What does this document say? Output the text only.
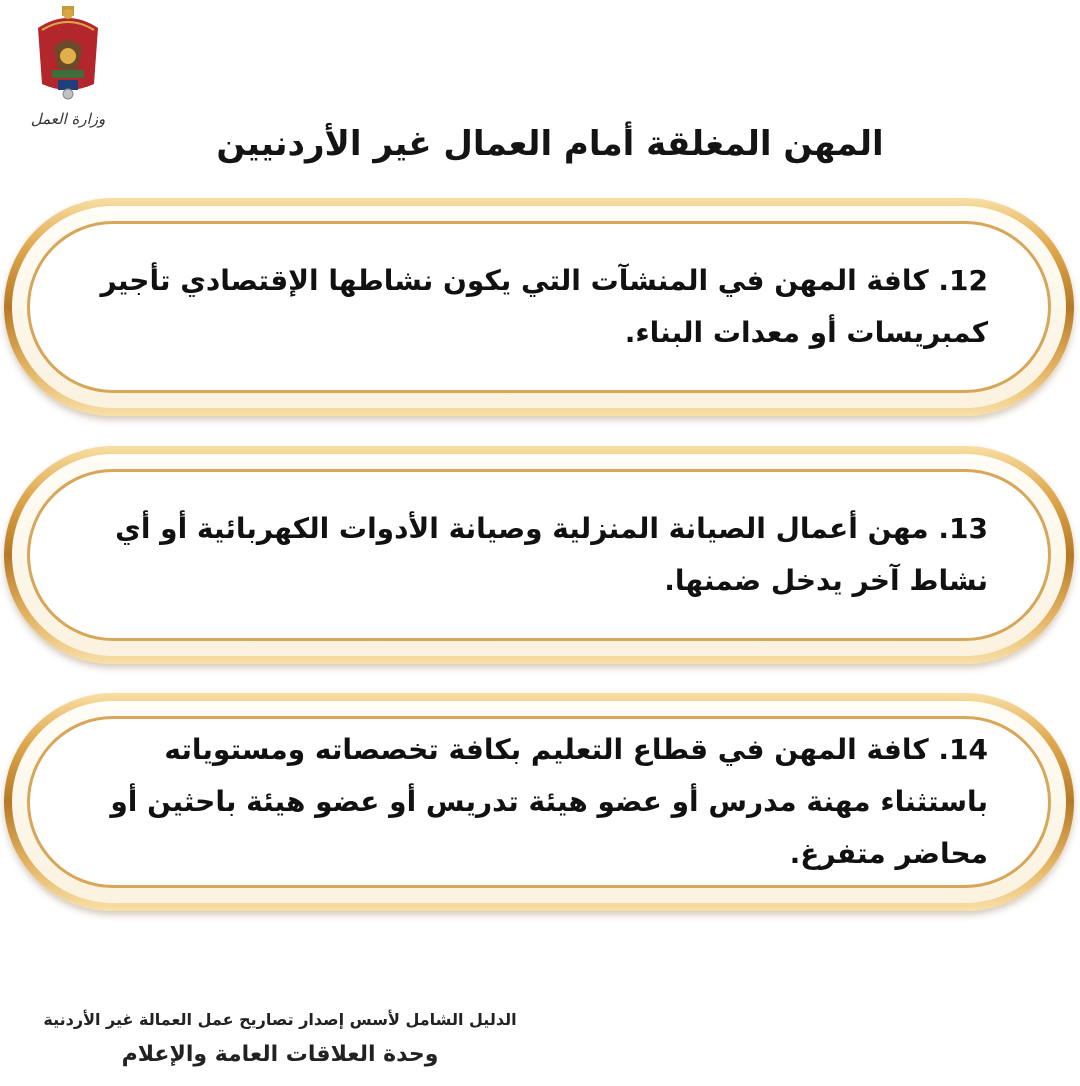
وزارة العمل
المهن المغلقة أمام العمال غير الأردنيين

12. كافة المهن في المنشآت التي يكون نشاطها الإقتصادي تأجير كمبريسات أو معدات البناء.

13. مهن أعمال الصيانة المنزلية وصيانة الأدوات الكهربائية أو أي نشاط آخر يدخل ضمنها.

14. كافة المهن في قطاع التعليم بكافة تخصصاته ومستوياته باستثناء مهنة مدرس أو عضو هيئة تدريس أو عضو هيئة باحثين أو محاضر متفرغ.

الدليل الشامل لأسس إصدار تصاريح عمل العمالة غير الأردنية

وحدة العلاقات العامة والإعلام
